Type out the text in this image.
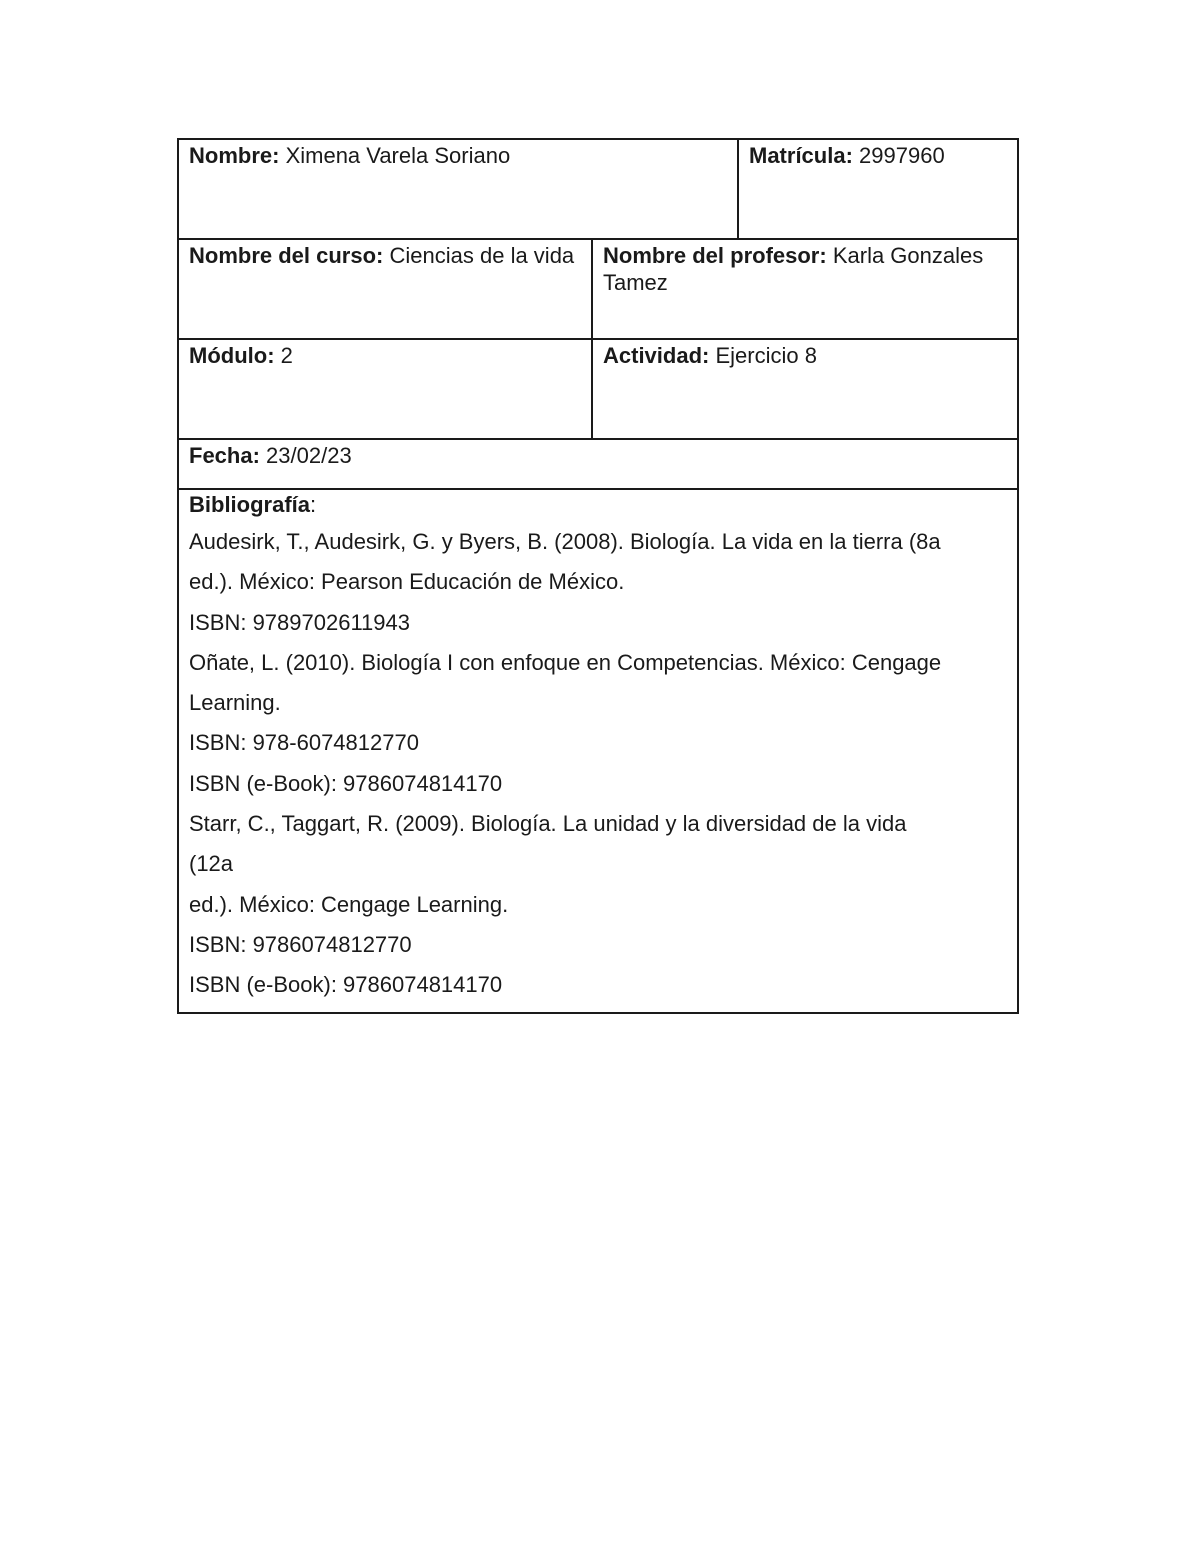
Nombre: Ximena Varela Soriano	Matrícula: 2997960
Nombre del curso: Ciencias de la vida	Nombre del profesor: Karla Gonzales Tamez
Módulo: 2	Actividad: Ejercicio 8
Fecha: 23/02/23
Bibliografía:
Audesirk, T., Audesirk, G. y Byers, B. (2008). Biología. La vida en la tierra (8a
ed.). México: Pearson Educación de México.
ISBN: 9789702611943
Oñate, L. (2010). Biología I con enfoque en Competencias. México: Cengage
Learning.
ISBN: 978-6074812770
ISBN (e-Book): 9786074814170
Starr, C., Taggart, R. (2009). Biología. La unidad y la diversidad de la vida
(12a
ed.). México: Cengage Learning.
ISBN: 9786074812770
ISBN (e-Book): 9786074814170
